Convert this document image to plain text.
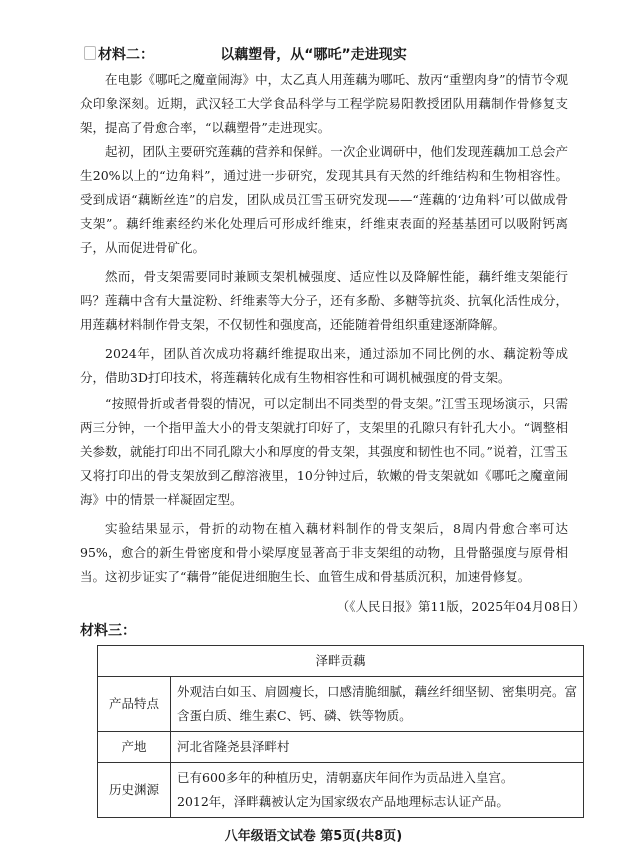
材料二：	以藕塑骨，从“哪吒”走进现实

在电影《哪吒之魔童闹海》中，太乙真人用莲藕为哪吒、敖丙“重塑肉身”的情节令观众印象深刻。近期，武汉轻工大学食品科学与工程学院易阳教授团队用藕制作骨修复支架，提高了骨愈合率，“以藕塑骨”走进现实。

起初，团队主要研究莲藕的营养和保鲜。一次企业调研中，他们发现莲藕加工总会产生20%以上的“边角料”，通过进一步研究，发现其具有天然的纤维结构和生物相容性。受到成语“藕断丝连”的启发，团队成员江雪玉研究发现——“莲藕的‘边角料’可以做成骨支架”。藕纤维素经约米化处理后可形成纤维束，纤维束表面的羟基基团可以吸附钙离子，从而促进骨矿化。

然而，骨支架需要同时兼顾支架机械强度、适应性以及降解性能，藕纤维支架能行吗？莲藕中含有大量淀粉、纤维素等大分子，还有多酚、多糖等抗炎、抗氧化活性成分，用莲藕材料制作骨支架，不仅韧性和强度高，还能随着骨组织重建逐渐降解。

2024年，团队首次成功将藕纤维提取出来，通过添加不同比例的水、藕淀粉等成分，借助3D打印技术，将莲藕转化成有生物相容性和可调机械强度的骨支架。

“按照骨折或者骨裂的情况，可以定制出不同类型的骨支架。”江雪玉现场演示，只需两三分钟，一个指甲盖大小的骨支架就打印好了，支架里的孔隙只有针孔大小。“调整相关参数，就能打印出不同孔隙大小和厚度的骨支架，其强度和韧性也不同。”说着，江雪玉又将打印出的骨支架放到乙醇溶液里，10分钟过后，软嫩的骨支架就如《哪吒之魔童闹海》中的情景一样凝固定型。

实验结果显示，骨折的动物在植入藕材料制作的骨支架后，8周内骨愈合率可达95%，愈合的新生骨密度和骨小梁厚度显著高于非支架组的动物，且骨骼强度与原骨相当。这初步证实了“藕骨”能促进细胞生长、血管生成和骨基质沉积，加速骨修复。

（《人民日报》第11版，2025年04月08日）
材料三：
泽畔贡藕	
产品特点	外观洁白如玉、肩圆瘦长，口感清脆细腻，藕丝纤细坚韧、密集明亮。富含蛋白质、维生素C、钙、磷、铁等物质。
产地	河北省隆尧县泽畔村
历史渊源	已有600多年的种植历史，清朝嘉庆年间作为贡品进入皇宫。
2012年，泽畔藕被认定为国家级农产品地理标志认证产品。
八年级语文试卷 第5页(共8页)
